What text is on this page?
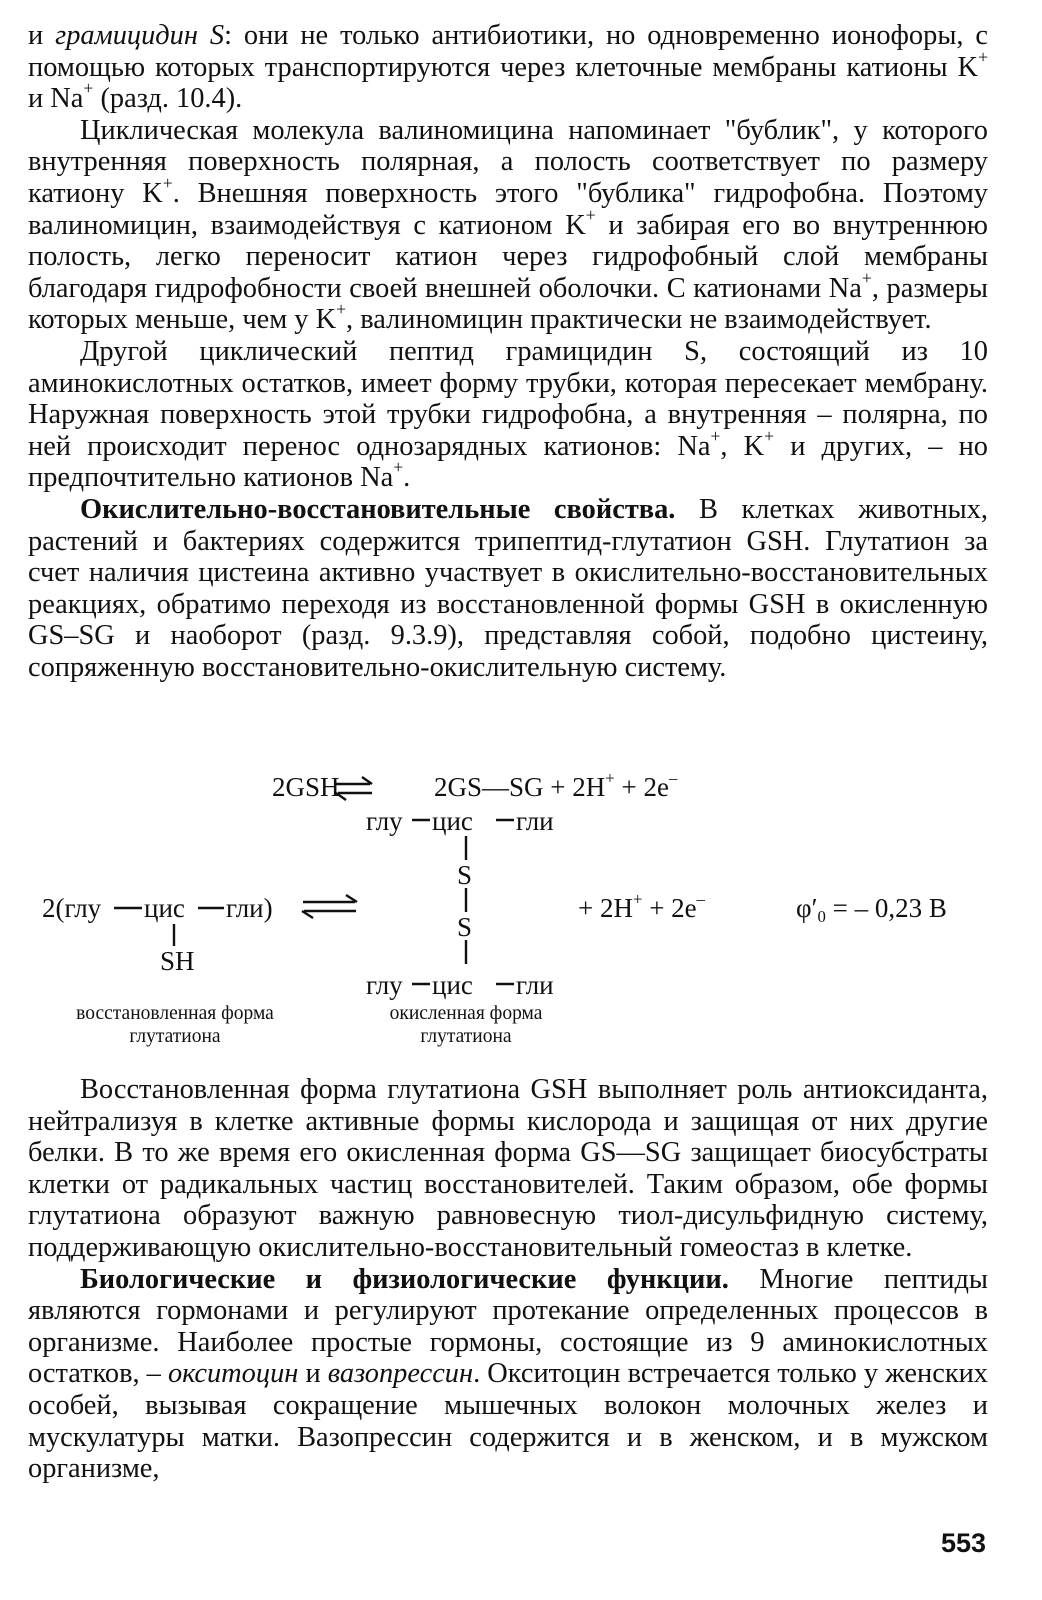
и грамицидин S: они не только антибиотики, но одновременно ионофоры, с помощью которых транспортируются через клеточные мембраны катионы K+ и Na+ (разд. 10.4).

Циклическая молекула валиномицина напоминает "бублик", у которого внутренняя поверхность полярная, а полость соответствует по размеру катиону K+. Внешняя поверхность этого "бублика" гидрофобна. Поэтому валиномицин, взаимодействуя с катионом K+ и забирая его во внутреннюю полость, легко переносит катион через гидрофобный слой мембраны благодаря гидрофобности своей внешней оболочки. С катионами Na+, размеры которых меньше, чем у K+, валиномицин практически не взаимодействует.

Другой циклический пептид грамицидин S, состоящий из 10 аминокислотных остатков, имеет форму трубки, которая пересекает мембрану. Наружная поверхность этой трубки гидрофобна, а внутренняя – полярна, по ней происходит перенос однозарядных катионов: Na+, K+ и других, – но предпочтительно катионов Na+.

Окислительно-восстановительные свойства. В клетках животных, растений и бактериях содержится трипептид-глутатион GSH. Глутатион за счет наличия цистеина активно участвует в окислительно-восстановительных реакциях, обратимо переходя из восстановленной формы GSH в окисленную GS–SG и наоборот (разд. 9.3.9), представляя собой, подобно цистеину, сопряженную восстановительно-окислительную систему.

2GSH	2GS—SG + 2H+ + 2e–
глу цис гли
S
S
глу цис гли
2(глу цис гли)
SH
+ 2H+ + 2e–	$\varphi'_0$ = – 0,23 В
восстановленная форма
глутатиона
окисленная форма
глутатиона

Восстановленная форма глутатиона GSH выполняет роль антиоксиданта, нейтрализуя в клетке активные формы кислорода и защищая от них другие белки. В то же время его окисленная форма GS—SG защищает биосубстраты клетки от радикальных частиц восстановителей. Таким образом, обе формы глутатиона образуют важную равновесную тиол-дисульфидную систему, поддерживающую окислительно-восстановительный гомеостаз в клетке.

Биологические и физиологические функции. Многие пептиды являются гормонами и регулируют протекание определенных процессов в организме. Наиболее простые гормоны, состоящие из 9 аминокислотных остатков, – окситоцин и вазопрессин. Окситоцин встречается только у женских особей, вызывая сокращение мышечных волокон молочных желез и мускулатуры матки. Вазопрессин содержится и в женском, и в мужском организме,

553
